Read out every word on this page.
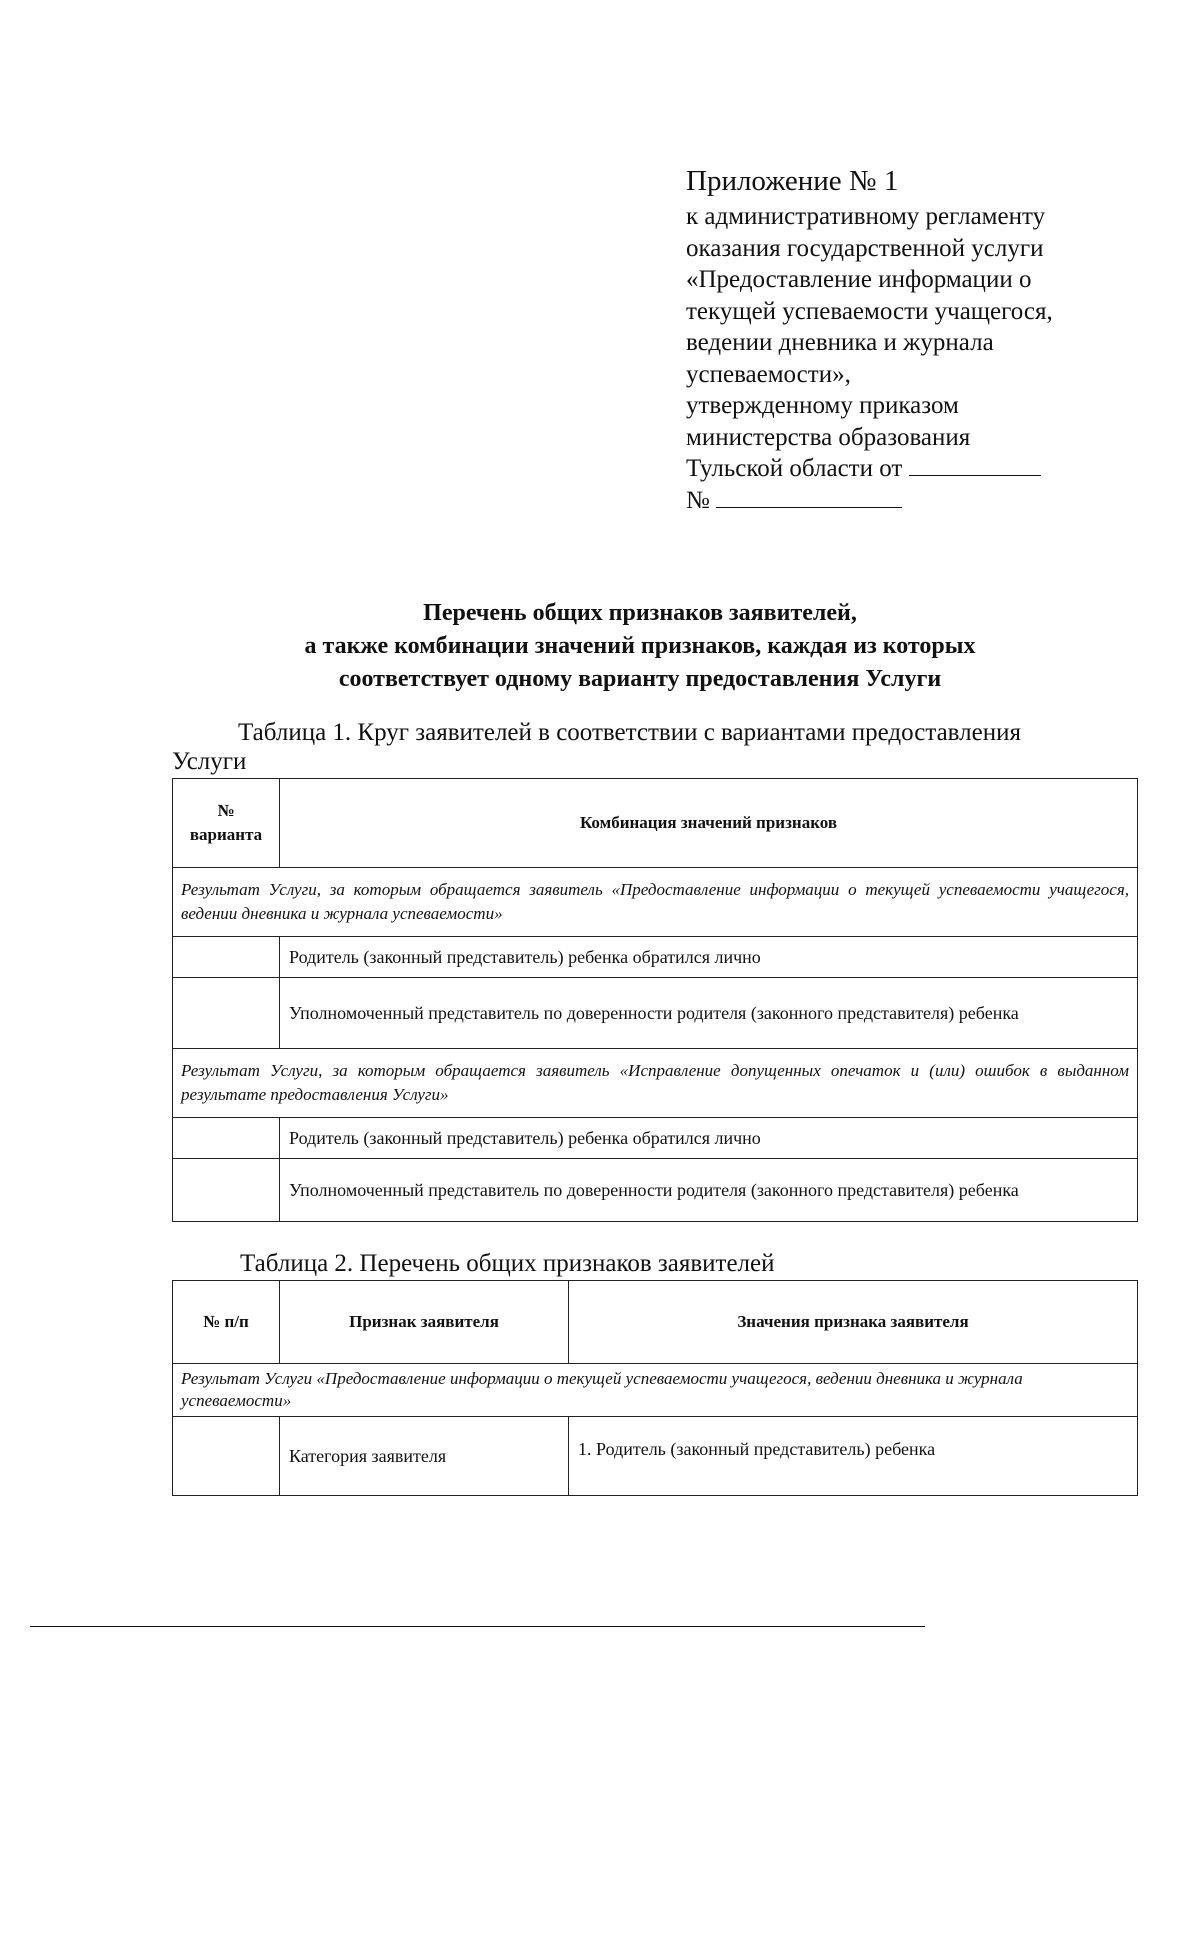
Приложение № 1
к административному регламенту
оказания государственной услуги
«Предоставление информации о
текущей успеваемости учащегося,
ведении дневника и журнала
успеваемости»,
утвержденному приказом
министерства образования
Тульской области от
№
Перечень общих признаков заявителей,
а также комбинации значений признаков, каждая из которых
соответствует одному варианту предоставления Услуги
Таблица 1. Круг заявителей в соответствии с вариантами предоставления
Услуги
№ варианта	Комбинация значений признаков
Результат Услуги, за которым обращается заявитель «Предоставление информации о текущей успеваемости учащегося, ведении дневника и журнала успеваемости»	
	Родитель (законный представитель) ребенка обратился лично
	Уполномоченный представитель по доверенности родителя (законного представителя) ребенка
Результат Услуги, за которым обращается заявитель «Исправление допущенных опечаток и (или) ошибок в выданном результате предоставления Услуги»	
	Родитель (законный представитель) ребенка обратился лично
	Уполномоченный представитель по доверенности родителя (законного представителя) ребенка
Таблица 2. Перечень общих признаков заявителей
№ п/п	Признак заявителя	Значения признака заявителя
Результат Услуги «Предоставление информации о текущей успеваемости учащегося, ведении дневника и журнала успеваемости»		
	Категория заявителя	1. Родитель (законный представитель) ребенка
